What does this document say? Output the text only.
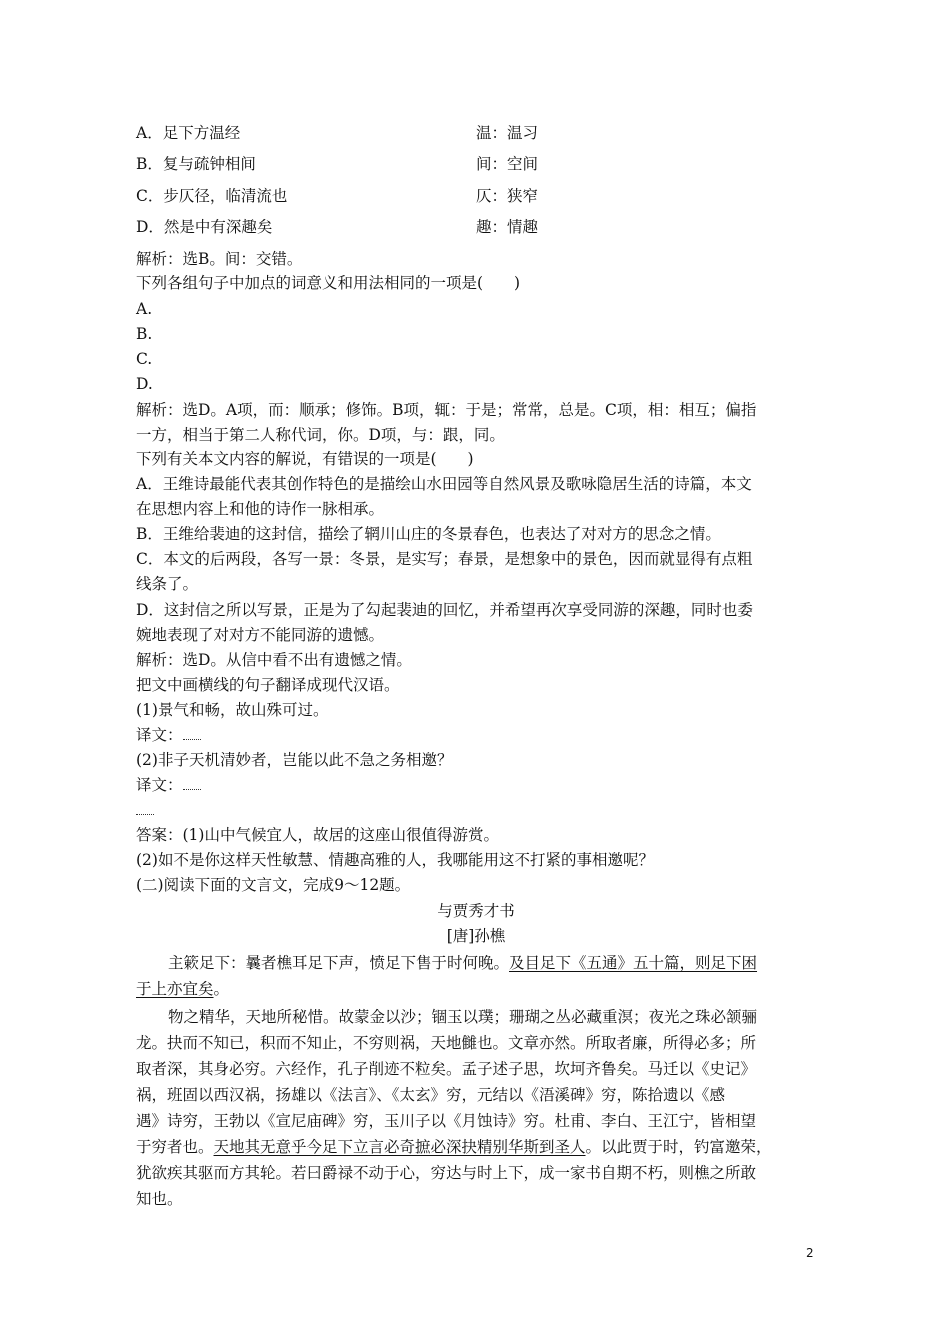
A．足下方温经	温：温习
B．复与疏钟相间	间：空间
C．步仄径，临清流也	仄：狭窄
D．然是中有深趣矣	趣：情趣
解析：选B。间：交错。
下列各组句子中加点的词意义和用法相同的一项是(　　)
A.
B.
C.
D.
解析：选D。A项，而：顺承；修饰。B项，辄：于是；常常，总是。C项，相：相互；偏指
一方，相当于第二人称代词，你。D项，与：跟，同。
下列有关本文内容的解说，有错误的一项是(　　)
A．王维诗最能代表其创作特色的是描绘山水田园等自然风景及歌咏隐居生活的诗篇，本文
在思想内容上和他的诗作一脉相承。
B．王维给裴迪的这封信，描绘了辋川山庄的冬景春色，也表达了对对方的思念之情。
C．本文的后两段，各写一景：冬景，是实写；春景，是想象中的景色，因而就显得有点粗
线条了。
D．这封信之所以写景，正是为了勾起裴迪的回忆，并希望再次享受同游的深趣，同时也委
婉地表现了对对方不能同游的遗憾。
解析：选D。从信中看不出有遗憾之情。
把文中画横线的句子翻译成现代汉语。
(1)景气和畅，故山殊可过。
译文：
(2)非子天机清妙者，岂能以此不急之务相邀？
译文：
答案：(1)山中气候宜人，故居的这座山很值得游赏。
(2)如不是你这样天性敏慧、情趣高雅的人，我哪能用这不打紧的事相邀呢？
(二)阅读下面的文言文，完成9～12题。
与贾秀才书
[唐]孙樵
主簌足下：曩者樵耳足下声，愤足下售于时何晚。及目足下《五通》五十篇，则足下困
于上亦宜矣。
物之精华，天地所秘惜。故蒙金以沙；锢玉以璞；珊瑚之丛必藏重溟；夜光之珠必颔骊
龙。抉而不知已，积而不知止，不穷则祸，天地雠也。文章亦然。所取者廉，所得必多；所
取者深，其身必穷。六经作，孔子削迹不粒矣。孟子述子思，坎坷齐鲁矣。马迁以《史记》
祸，班固以西汉祸，扬雄以《法言》、《太玄》穷，元结以《浯溪碑》穷，陈拾遗以《感
遇》诗穷，王勃以《宣尼庙碑》穷，玉川子以《月蚀诗》穷。杜甫、李白、王江宁，皆相望
于穷者也。天地其无意乎今足下立言必奇摭必深抉精别华斯到圣人。以此贾于时，钓富邀荣，
犹欲疾其驱而方其轮。若曰爵禄不动于心，穷达与时上下，成一家书自期不朽，则樵之所敢
知也。
2
